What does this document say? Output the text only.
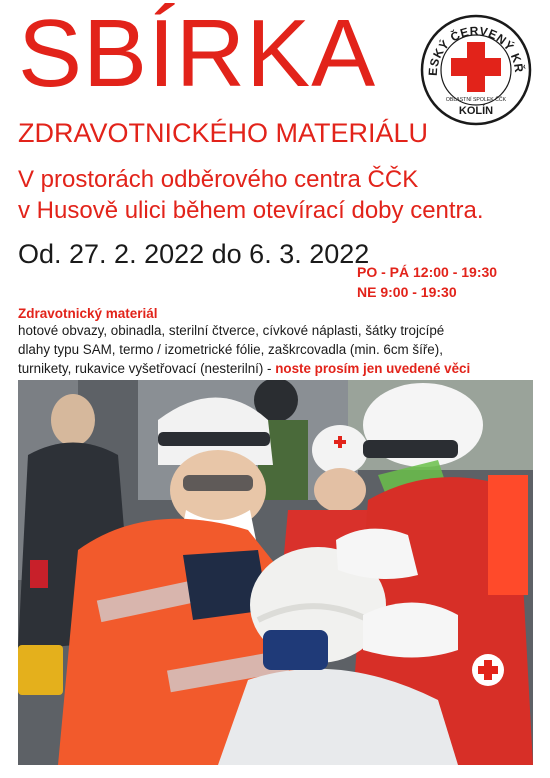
SBÍRKA
ZDRAVOTNICKÉHO MATERIÁLU
V prostorách odběrového centra ČČK
v Husově ulici během otevírací doby centra.
Od. 27. 2. 2022 do 6. 3. 2022
PO - PÁ 12:00 - 19:30
NE 9:00 - 19:30
Zdravotnický materiál
hotové obvazy, obinadla, sterilní čtverce, cívkové náplasti, šátky trojcípé
dlahy typu SAM, termo / izometrické fólie, zaškrcovadla (min. 6cm šíře),
turnikety, rukavice vyšetřovací (nesterilní) - noste prosím jen uvedené věci
ESKÝ ČERVENÝ KŘ
OBLASTNÍ SPOLEK ČČK
KOLÍN
